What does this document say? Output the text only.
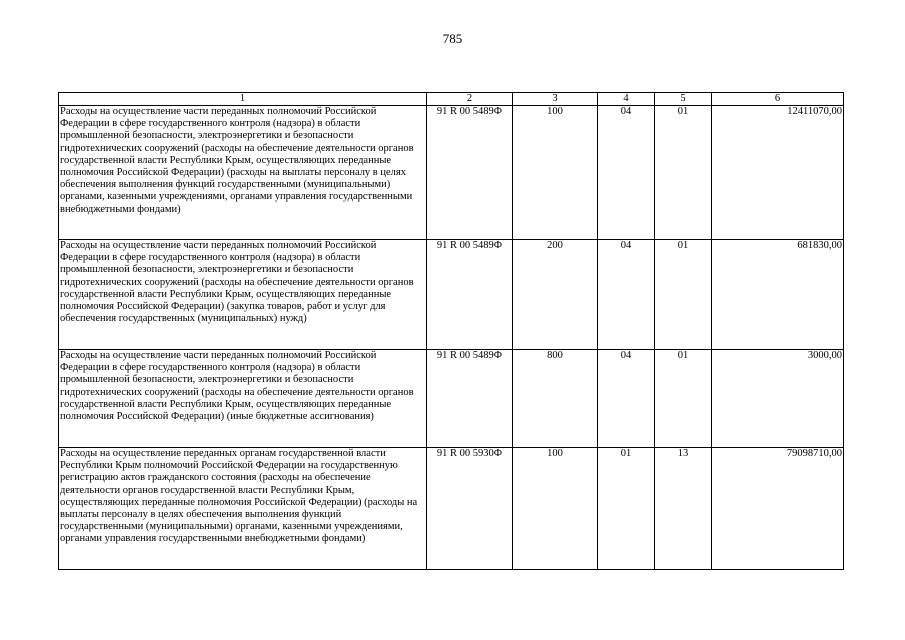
785
1	2	3	4	5	6
Расходы на осуществление части переданных полномочий Российской Федерации в сфере государственного контроля (надзора) в области промышленной безопасности, электроэнергетики и безопасности гидротехнических сооружений (расходы на обеспечение деятельности органов государственной власти Республики Крым, осуществляющих переданные полномочия Российской Федерации) (расходы на выплаты персоналу в целях обеспечения выполнения функций государственными (муниципальными) органами, казенными учреждениями, органами управления государственными внебюджетными фондами)	91 R 00 5489Ф	100	04	01	12411070,00
Расходы на осуществление части переданных полномочий Российской Федерации в сфере государственного контроля (надзора) в области промышленной безопасности, электроэнергетики и безопасности гидротехнических сооружений (расходы на обеспечение деятельности органов государственной власти Республики Крым, осуществляющих переданные полномочия Российской Федерации) (закупка товаров, работ и услуг для обеспечения государственных (муниципальных) нужд)	91 R 00 5489Ф	200	04	01	681830,00
Расходы на осуществление части переданных полномочий Российской Федерации в сфере государственного контроля (надзора) в области промышленной безопасности, электроэнергетики и безопасности гидротехнических сооружений (расходы на обеспечение деятельности органов государственной власти Республики Крым, осуществляющих переданные полномочия Российской Федерации) (иные бюджетные ассигнования)	91 R 00 5489Ф	800	04	01	3000,00
Расходы на осуществление переданных органам государственной власти Республики Крым полномочий Российской Федерации на государственную регистрацию актов гражданского состояния (расходы на обеспечение деятельности органов государственной власти Республики Крым, осуществляющих переданные полномочия Российской Федерации) (расходы на выплаты персоналу в целях обеспечения выполнения функций государственными (муниципальными) органами, казенными учреждениями, органами управления государственными внебюджетными фондами)	91 R 00 5930Ф	100	01	13	79098710,00
